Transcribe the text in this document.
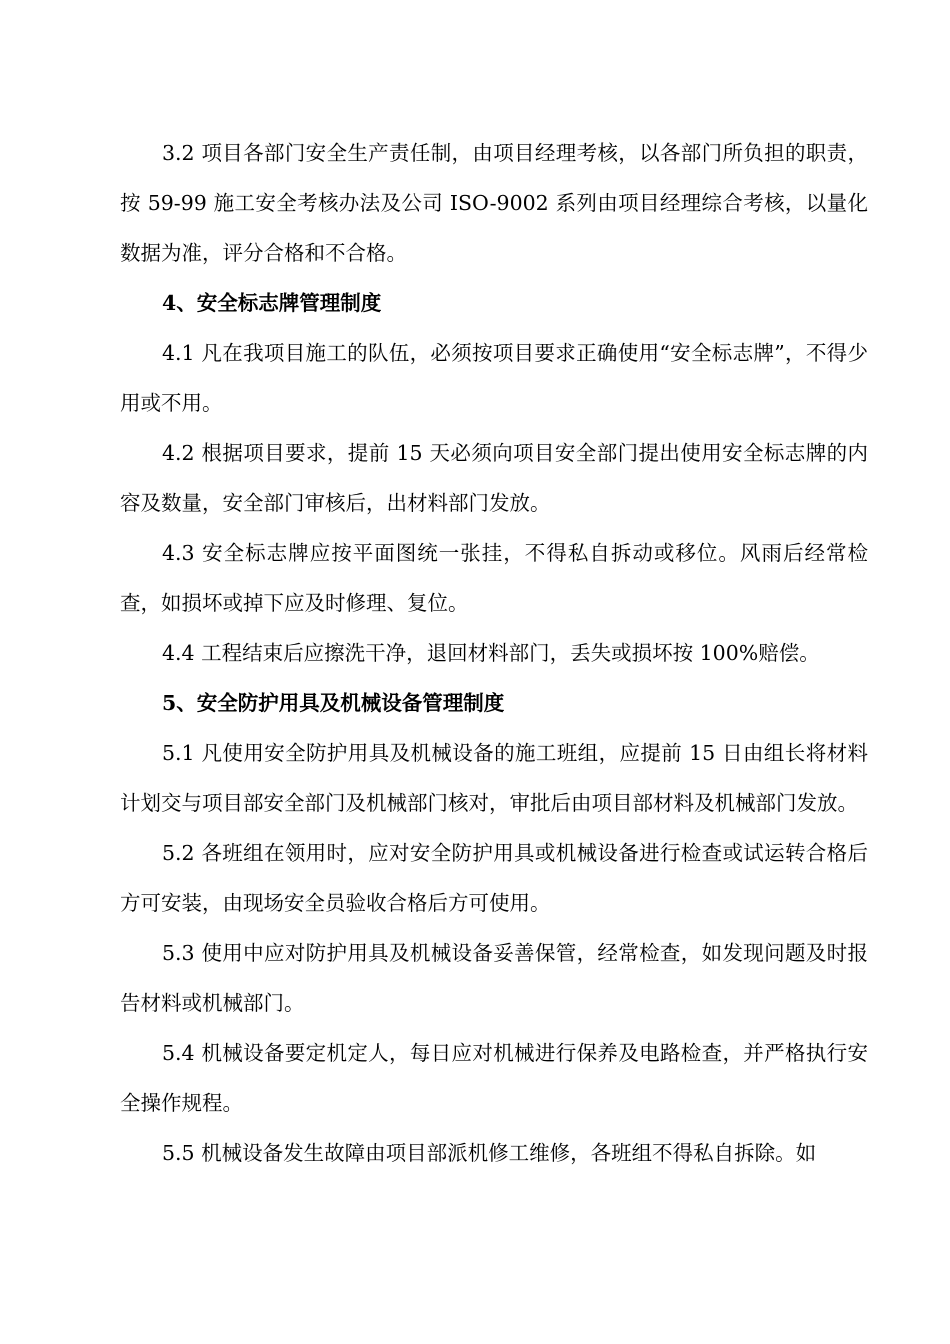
3.2 项目各部门安全生产责任制，由项目经理考核，以各部门所负担的职责，按 59-99 施工安全考核办法及公司 ISO-9002 系列由项目经理综合考核，以量化数据为准，评分合格和不合格。

4、安全标志牌管理制度

4.1 凡在我项目施工的队伍，必须按项目要求正确使用“安全标志牌”，不得少用或不用。

4.2 根据项目要求，提前 15 天必须向项目安全部门提出使用安全标志牌的内容及数量，安全部门审核后，出材料部门发放。

4.3 安全标志牌应按平面图统一张挂，不得私自拆动或移位。风雨后经常检查，如损坏或掉下应及时修理、复位。

4.4 工程结束后应擦洗干净，退回材料部门，丢失或损坏按 100%赔偿。

5、安全防护用具及机械设备管理制度

5.1 凡使用安全防护用具及机械设备的施工班组，应提前 15 日由组长将材料计划交与项目部安全部门及机械部门核对，审批后由项目部材料及机械部门发放。

5.2 各班组在领用时，应对安全防护用具或机械设备进行检查或试运转合格后方可安装，由现场安全员验收合格后方可使用。

5.3 使用中应对防护用具及机械设备妥善保管，经常检查，如发现问题及时报告材料或机械部门。

5.4 机械设备要定机定人，每日应对机械进行保养及电路检查，并严格执行安全操作规程。

5.5 机械设备发生故障由项目部派机修工维修，各班组不得私自拆除。如
